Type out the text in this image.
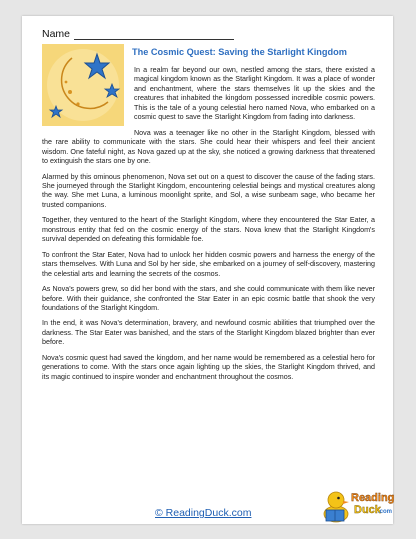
Name
The Cosmic Quest: Saving the Starlight Kingdom

In a realm far beyond our own, nestled among the stars, there existed a magical kingdom known as the Starlight Kingdom. It was a place of wonder and enchantment, where the stars themselves lit up the skies and the creatures that inhabited the kingdom possessed incredible cosmic powers. This is the tale of a young celestial hero named Nova, who embarked on a cosmic quest to save the Starlight Kingdom from fading into darkness.

Nova was a teenager like no other in the Starlight Kingdom, blessed with the rare ability to communicate with the stars. She could hear their whispers and feel their ancient wisdom. One fateful night, as Nova gazed up at the sky, she noticed a growing darkness that threatened to extinguish the stars one by one.

Alarmed by this ominous phenomenon, Nova set out on a quest to discover the cause of the fading stars. She journeyed through the Starlight Kingdom, encountering celestial beings and mystical creatures along the way. She met Luna, a luminous moonlight sprite, and Sol, a wise sunbeam sage, who became her trusted companions.

Together, they ventured to the heart of the Starlight Kingdom, where they encountered the Star Eater, a monstrous entity that fed on the cosmic energy of the stars. Nova knew that the Starlight Kingdom's survival depended on defeating this formidable foe.

To confront the Star Eater, Nova had to unlock her hidden cosmic powers and harness the energy of the stars themselves. With Luna and Sol by her side, she embarked on a journey of self-discovery, mastering the celestial arts and learning the secrets of the cosmos.

As Nova's powers grew, so did her bond with the stars, and she could communicate with them like never before. With their guidance, she confronted the Star Eater in an epic cosmic battle that shook the very foundations of the Starlight Kingdom.

In the end, it was Nova's determination, bravery, and newfound cosmic abilities that triumphed over the darkness. The Star Eater was banished, and the stars of the Starlight Kingdom blazed brighter than ever before.

Nova's cosmic quest had saved the kingdom, and her name would be remembered as a celestial hero for generations to come. With the stars once again lighting up the skies, the Starlight Kingdom thrived, and its magic continued to inspire wonder and enchantment throughout the cosmos.

© ReadingDuck.com
Reading
Duck
.com
